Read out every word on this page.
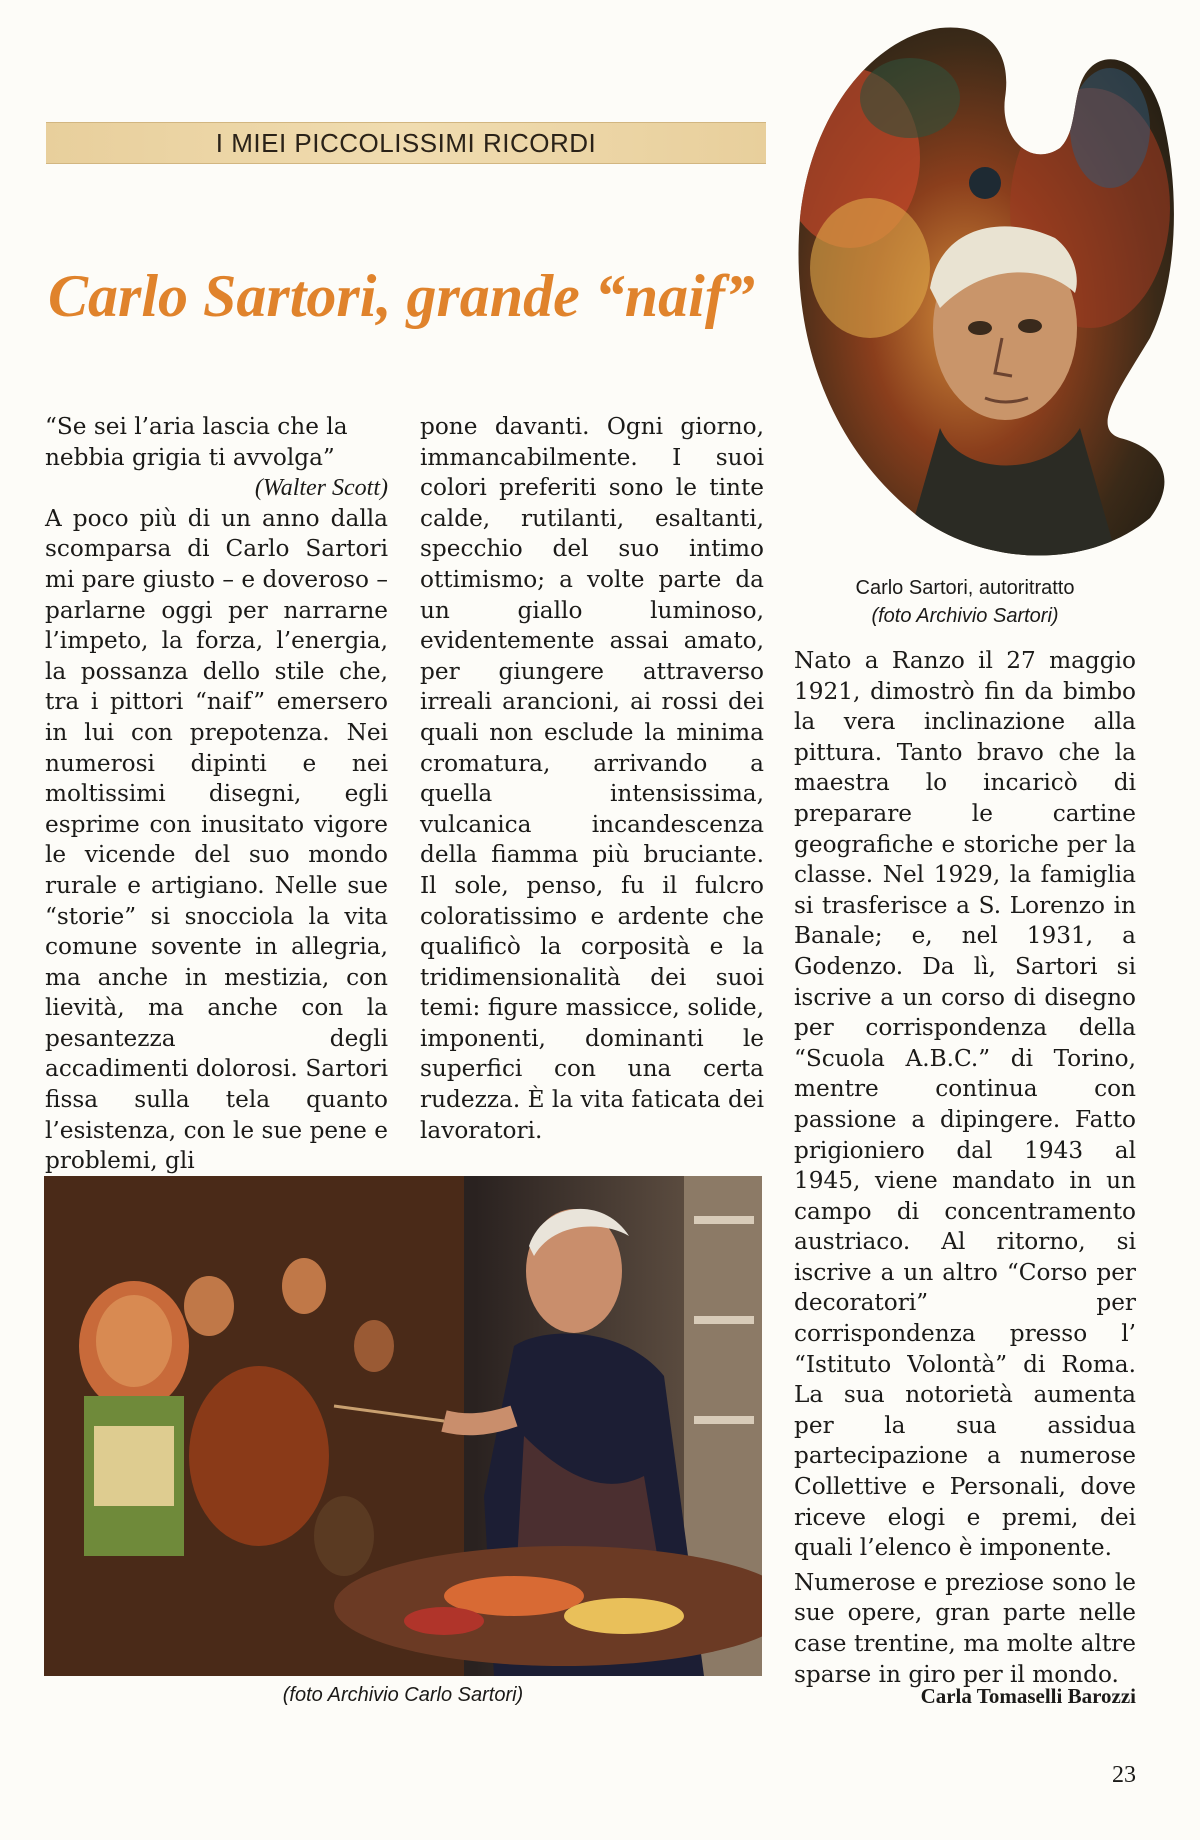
I MIEI PICCOLISSIMI RICORDI
Carlo Sartori, grande “naif”
Carlo Sartori, autoritratto
(foto Archivio Sartori)

“Se sei l’aria lascia che la nebbia grigia ti avvolga”

(Walter Scott)

A poco più di un anno dalla scomparsa di Carlo Sartori mi pare giusto – e doveroso – parlarne oggi per narrarne l’impeto, la forza, l’energia, la possanza dello stile che, tra i pittori “naif” emersero in lui con prepotenza. Nei numerosi dipinti e nei moltissimi disegni, egli esprime con inusitato vigore le vicende del suo mondo rurale e artigiano. Nelle sue “storie” si snocciola la vita comune sovente in allegria, ma anche in mestizia, con lievità, ma anche con la pesantezza degli accadimenti dolorosi. Sartori fissa sulla tela quanto l’esistenza, con le sue pene e problemi, gli

pone davanti. Ogni giorno, immancabilmente. I suoi colori preferiti sono le tinte calde, rutilanti, esaltanti, specchio del suo intimo ottimismo; a volte parte da un giallo luminoso, evidentemente assai amato, per giungere attraverso irreali arancioni, ai rossi dei quali non esclude la minima cromatura, arrivando a quella intensissima, vulcanica incandescenza della fiamma più bruciante. Il sole, penso, fu il fulcro coloratissimo e ardente che qualificò la corposità e la tridimensionalità dei suoi temi: figure massicce, solide, imponenti, dominanti le superfici con una certa rudezza. È la vita faticata dei lavoratori.

Nato a Ranzo il 27 maggio 1921, dimostrò fin da bimbo la vera inclinazione alla pittura. Tanto bravo che la maestra lo incaricò di preparare le cartine geografiche e storiche per la classe. Nel 1929, la famiglia si trasferisce a S. Lorenzo in Banale; e, nel 1931, a Godenzo. Da lì, Sartori si iscrive a un corso di disegno per corrispondenza della “Scuola A.B.C.” di Torino, mentre continua con passione a dipingere. Fatto prigioniero dal 1943 al 1945, viene mandato in un campo di concentramento austriaco. Al ritorno, si iscrive a un altro “Corso per decoratori” per corrispondenza presso l’ “Istituto Volontà” di Roma. La sua notorietà aumenta per la sua assidua partecipazione a numerose Collettive e Personali, dove riceve elogi e premi, dei quali l’elenco è imponente.

Numerose e preziose sono le sue opere, gran parte nelle case trentine, ma molte altre sparse in giro per il mondo.

(foto Archivio Carlo Sartori)	Carla Tomaselli Barozzi
23
